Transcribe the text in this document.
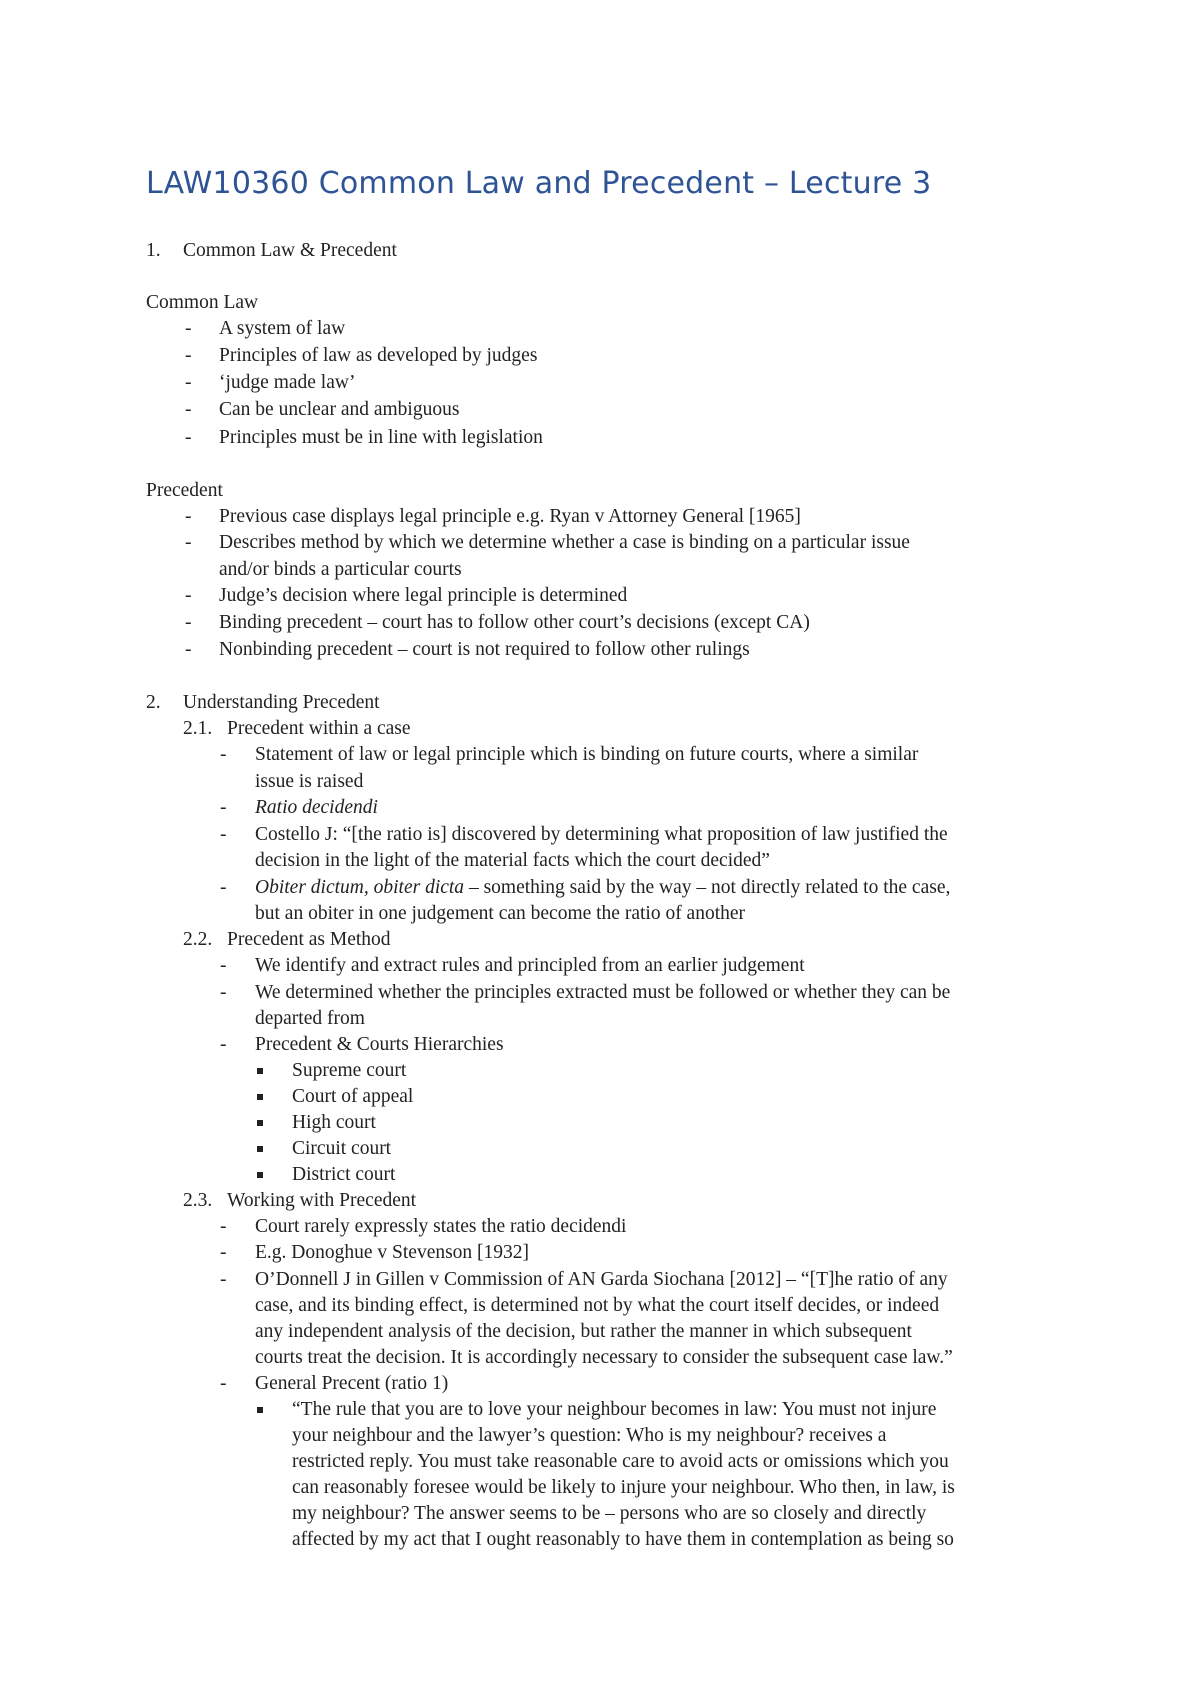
LAW10360 Common Law and Precedent – Lecture 3
1. Common Law & Precedent
Common Law
- A system of law
- Principles of law as developed by judges
- ‘judge made law’
- Can be unclear and ambiguous
- Principles must be in line with legislation
Precedent
- Previous case displays legal principle e.g. Ryan v Attorney General [1965]
- Describes method by which we determine whether a case is binding on a particular issue
and/or binds a particular courts
- Judge’s decision where legal principle is determined
- Binding precedent – court has to follow other court’s decisions (except CA)
- Nonbinding precedent – court is not required to follow other rulings
2. Understanding Precedent
2.1. Precedent within a case
- Statement of law or legal principle which is binding on future courts, where a similar
issue is raised
- Ratio decidendi
- Costello J: “[the ratio is] discovered by determining what proposition of law justified the
decision in the light of the material facts which the court decided”
- Obiter dictum, obiter dicta – something said by the way – not directly related to the case,
but an obiter in one judgement can become the ratio of another
2.2. Precedent as Method
- We identify and extract rules and principled from an earlier judgement
- We determined whether the principles extracted must be followed or whether they can be
departed from
- Precedent & Courts Hierarchies
Supreme court
Court of appeal
High court
Circuit court
District court
2.3. Working with Precedent
- Court rarely expressly states the ratio decidendi
- E.g. Donoghue v Stevenson [1932]
- O’Donnell J in Gillen v Commission of AN Garda Siochana [2012] – “[T]he ratio of any
case, and its binding effect, is determined not by what the court itself decides, or indeed
any independent analysis of the decision, but rather the manner in which subsequent
courts treat the decision. It is accordingly necessary to consider the subsequent case law.”
- General Precent (ratio 1)
“The rule that you are to love your neighbour becomes in law: You must not injure
your neighbour and the lawyer’s question: Who is my neighbour? receives a
restricted reply. You must take reasonable care to avoid acts or omissions which you
can reasonably foresee would be likely to injure your neighbour. Who then, in law, is
my neighbour? The answer seems to be – persons who are so closely and directly
affected by my act that I ought reasonably to have them in contemplation as being so
